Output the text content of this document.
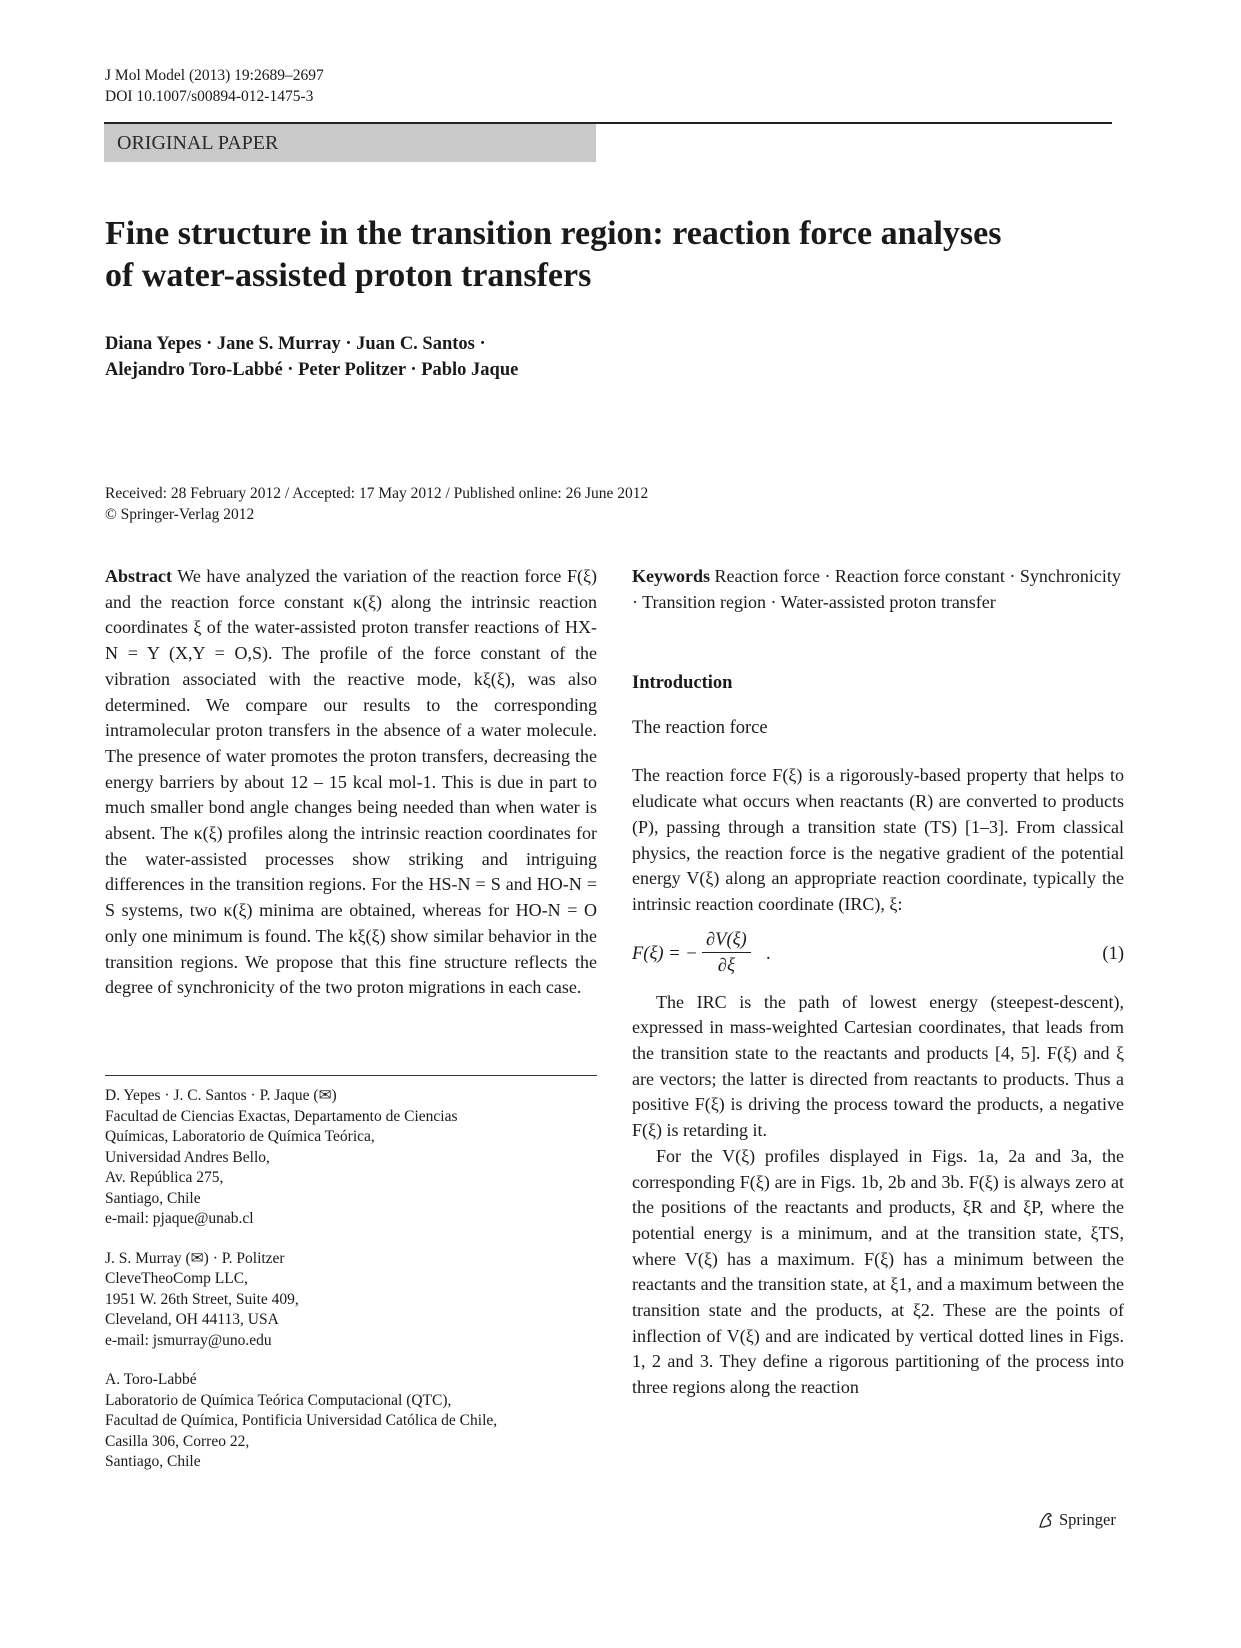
J Mol Model (2013) 19:2689–2697
DOI 10.1007/s00894-012-1475-3
ORIGINAL PAPER
Fine structure in the transition region: reaction force analyses
of water-assisted proton transfers
Diana Yepes · Jane S. Murray · Juan C. Santos ·
Alejandro Toro-Labbé · Peter Politzer · Pablo Jaque
Received: 28 February 2012 / Accepted: 17 May 2012 / Published online: 26 June 2012
© Springer-Verlag 2012

Abstract We have analyzed the variation of the reaction force F(ξ) and the reaction force constant κ(ξ) along the intrinsic reaction coordinates ξ of the water-assisted proton transfer reactions of HX-N = Y (X,Y = O,S). The profile of the force constant of the vibration associated with the reactive mode, kξ(ξ), was also determined. We compare our results to the corresponding intramolecular proton transfers in the absence of a water molecule. The presence of water promotes the proton transfers, decreasing the energy barriers by about 12 – 15 kcal mol-1. This is due in part to much smaller bond angle changes being needed than when water is absent. The κ(ξ) profiles along the intrinsic reaction coordinates for the water-assisted processes show striking and intriguing differences in the transition regions. For the HS-N = S and HO-N = S systems, two κ(ξ) minima are obtained, whereas for HO-N = O only one minimum is found. The kξ(ξ) show similar behavior in the transition regions. We propose that this fine structure reflects the degree of synchronicity of the two proton migrations in each case.

D. Yepes · J. C. Santos · P. Jaque (✉)
Facultad de Ciencias Exactas, Departamento de Ciencias
Químicas, Laboratorio de Química Teórica,
Universidad Andres Bello,
Av. República 275,
Santiago, Chile
e-mail: pjaque@unab.cl
J. S. Murray (✉) · P. Politzer
CleveTheoComp LLC,
1951 W. 26th Street, Suite 409,
Cleveland, OH 44113, USA
e-mail: jsmurray@uno.edu
A. Toro-Labbé
Laboratorio de Química Teórica Computacional (QTC),
Facultad de Química, Pontificia Universidad Católica de Chile,
Casilla 306, Correo 22,
Santiago, Chile

Keywords Reaction force · Reaction force constant · Synchronicity · Transition region · Water-assisted proton transfer

Introduction

The reaction force

The reaction force F(ξ) is a rigorously-based property that helps to eludicate what occurs when reactants (R) are converted to products (P), passing through a transition state (TS) [1–3]. From classical physics, the reaction force is the negative gradient of the potential energy V(ξ) along an appropriate reaction coordinate, typically the intrinsic reaction coordinate (IRC), ξ:

F(ξ) = − $\frac{\partial V(\xi)}{\partial\xi}$ .	(1)

The IRC is the path of lowest energy (steepest-descent), expressed in mass-weighted Cartesian coordinates, that leads from the transition state to the reactants and products [4, 5]. F(ξ) and ξ are vectors; the latter is directed from reactants to products. Thus a positive F(ξ) is driving the process toward the products, a negative F(ξ) is retarding it.

For the V(ξ) profiles displayed in Figs. 1a, 2a and 3a, the corresponding F(ξ) are in Figs. 1b, 2b and 3b. F(ξ) is always zero at the positions of the reactants and products, ξR and ξP, where the potential energy is a minimum, and at the transition state, ξTS, where V(ξ) has a maximum. F(ξ) has a minimum between the reactants and the transition state, at ξ1, and a maximum between the transition state and the products, at ξ2. These are the points of inflection of V(ξ) and are indicated by vertical dotted lines in Figs. 1, 2 and 3. They define a rigorous partitioning of the process into three regions along the reaction

Springer
